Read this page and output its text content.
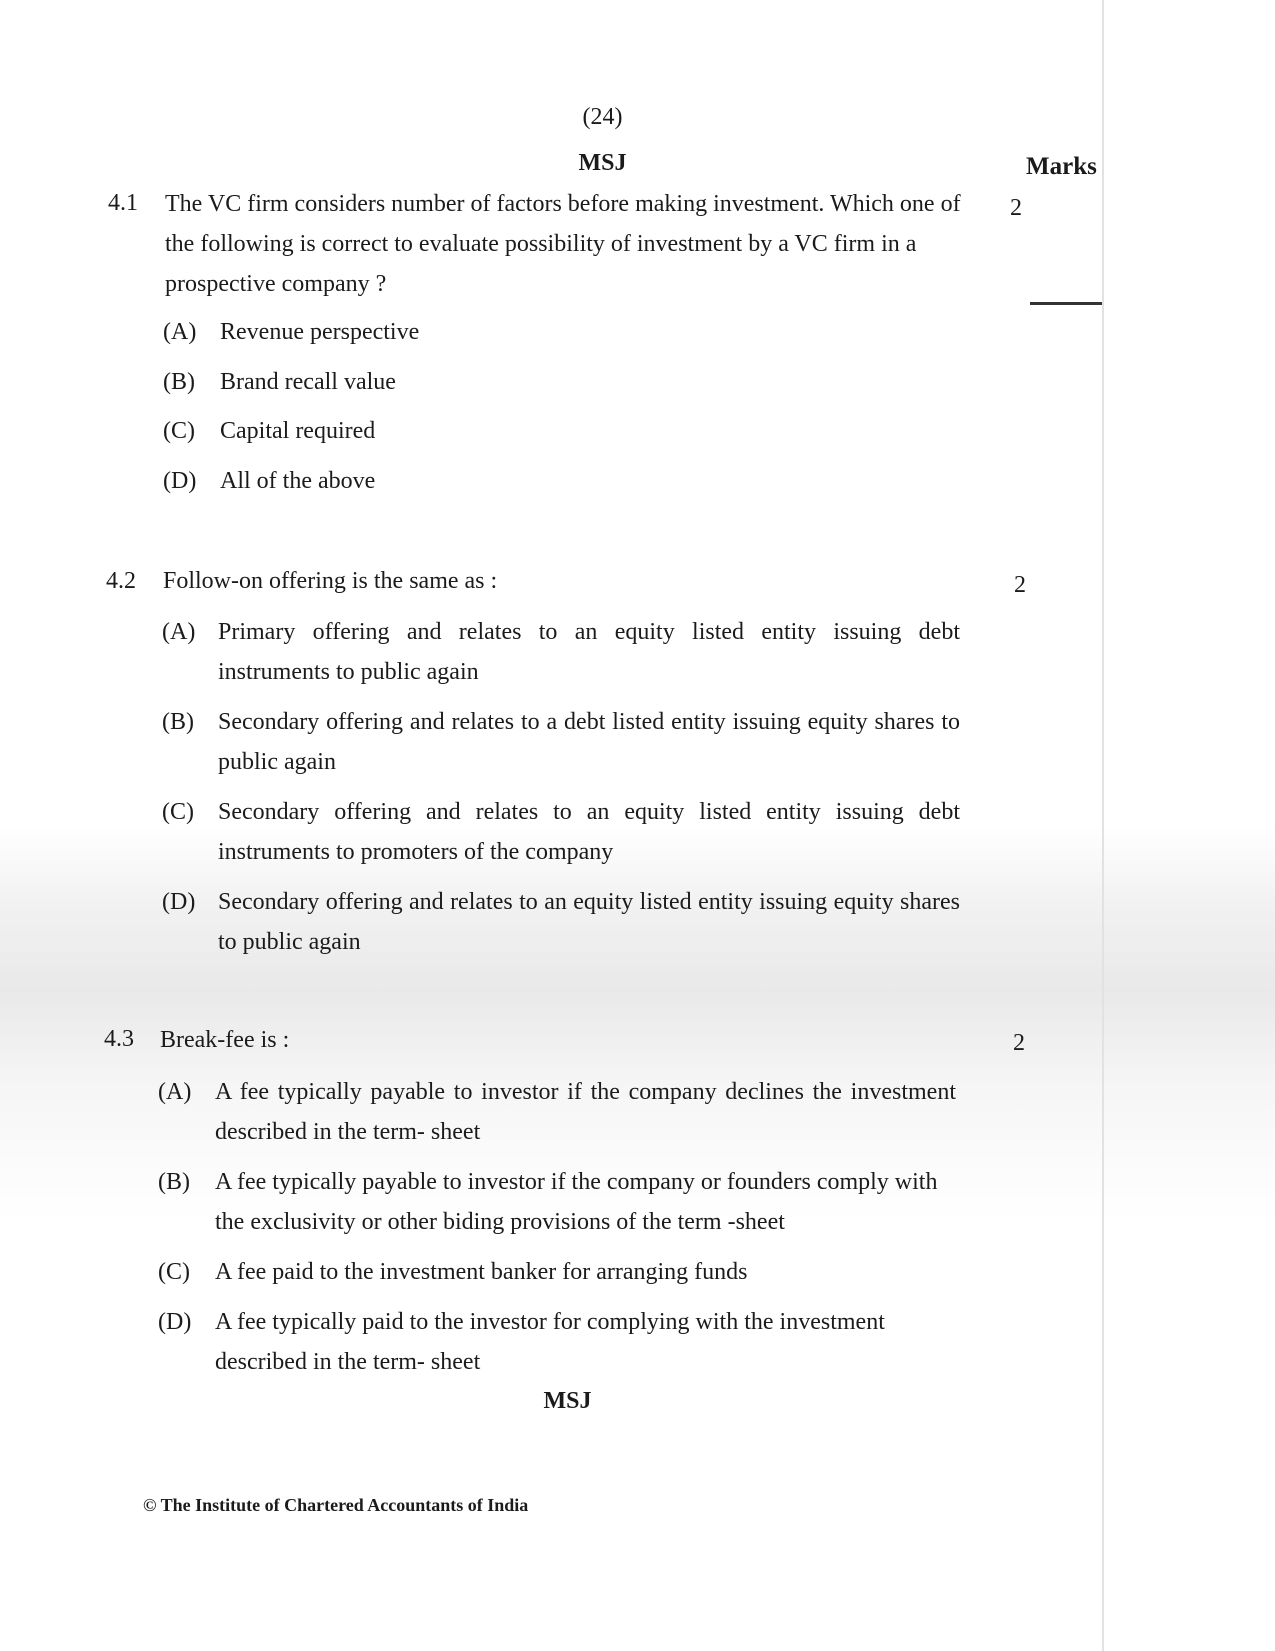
(24)
MSJ	Marks
4.1 The VC firm considers number of factors before making investment. Which one of the following is correct to evaluate possibility of investment by a VC firm in a prospective company ?
2
(A) Revenue perspective
(B) Brand recall value
(C) Capital required
(D) All of the above
4.2 Follow-on offering is the same as :	2
(A) Primary offering and relates to an equity listed entity issuing debt instruments to public again
(B) Secondary offering and relates to a debt listed entity issuing equity shares to public again
(C) Secondary offering and relates to an equity listed entity issuing debt instruments to promoters of the company
(D) Secondary offering and relates to an equity listed entity issuing equity shares to public again
4.3 Break-fee is :	2
(A) A fee typically payable to investor if the company declines the investment described in the term- sheet
(B) A fee typically payable to investor if the company or founders comply with the exclusivity or other biding provisions of the term -sheet
(C) A fee paid to the investment banker for arranging funds
(D) A fee typically paid to the investor for complying with the investment described in the term- sheet
MSJ
© The Institute of Chartered Accountants of India
